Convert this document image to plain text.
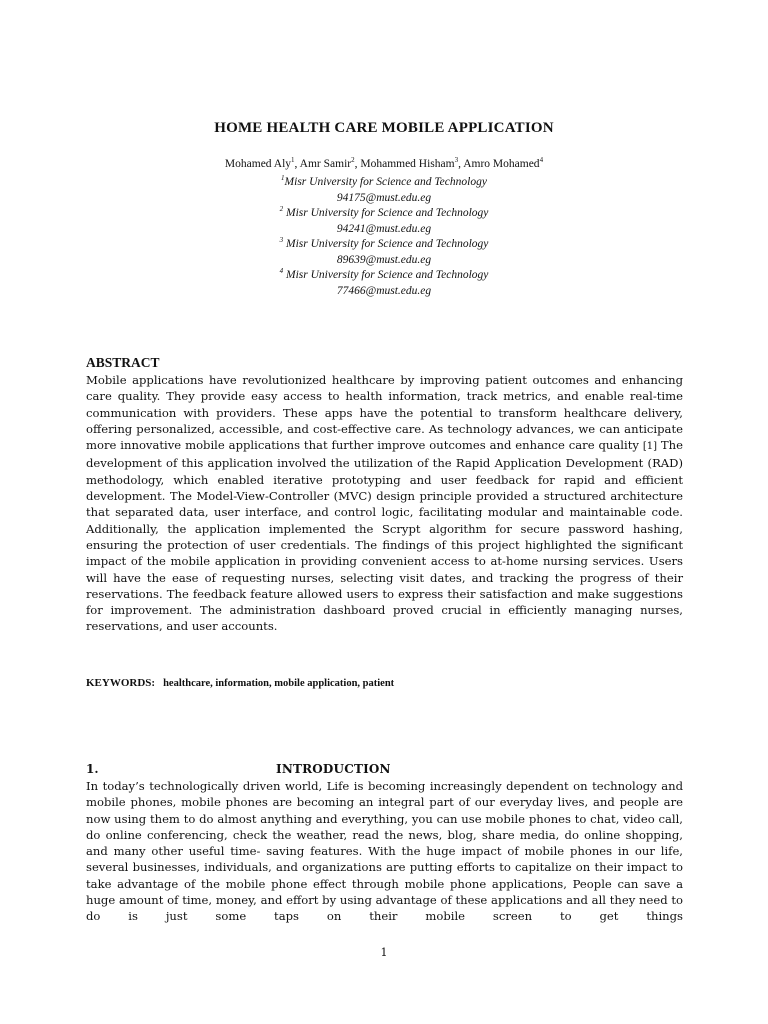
HOME HEALTH CARE MOBILE APPLICATION
Mohamed Aly$^1$, Amr Samir$^2$, Mohammed Hisham$^3$, Amro Mohamed$^4$
$^1$Misr University for Science and Technology
94175@must.edu.eg
$^2$ Misr University for Science and Technology
94241@must.edu.eg
$^3$ Misr University for Science and Technology
89639@must.edu.eg
$^4$ Misr University for Science and Technology
77466@must.edu.eg
ABSTRACT
Mobile applications have revolutionized healthcare by improving patient outcomes and enhancing care quality. They provide easy access to health information, track metrics, and enable real-time communication with providers. These apps have the potential to transform healthcare delivery, offering personalized, accessible, and cost-effective care. As technology advances, we can anticipate more innovative mobile applications that further improve outcomes and enhance care quality [1] The development of this application involved the utilization of the Rapid Application Development (RAD) methodology, which enabled iterative prototyping and user feedback for rapid and efficient development. The Model-View-Controller (MVC) design principle provided a structured architecture that separated data, user interface, and control logic, facilitating modular and maintainable code. Additionally, the application implemented the Scrypt algorithm for secure password hashing, ensuring the protection of user credentials. The findings of this project highlighted the significant impact of the mobile application in providing convenient access to at-home nursing services. Users will have the ease of requesting nurses, selecting visit dates, and tracking the progress of their reservations. The feedback feature allowed users to express their satisfaction and make suggestions for improvement. The administration dashboard proved crucial in efficiently managing nurses, reservations, and user accounts.
KEYWORDS: healthcare, information, mobile application, patient
1.	INTRODUCTION
In today’s technologically driven world, Life is becoming increasingly dependent on technology and mobile phones, mobile phones are becoming an integral part of our everyday lives, and people are now using them to do almost anything and everything, you can use mobile phones to chat, video call, do online conferencing, check the weather, read the news, blog, share media, do online shopping, and many other useful time- saving features. With the huge impact of mobile phones in our life, several businesses, individuals, and organizations are putting efforts to capitalize on their impact to take advantage of the mobile phone effect through mobile phone applications, People can save a huge amount of time, money, and effort by using advantage of these applications and all they need to do is just some taps on their mobile screen to get things
1
